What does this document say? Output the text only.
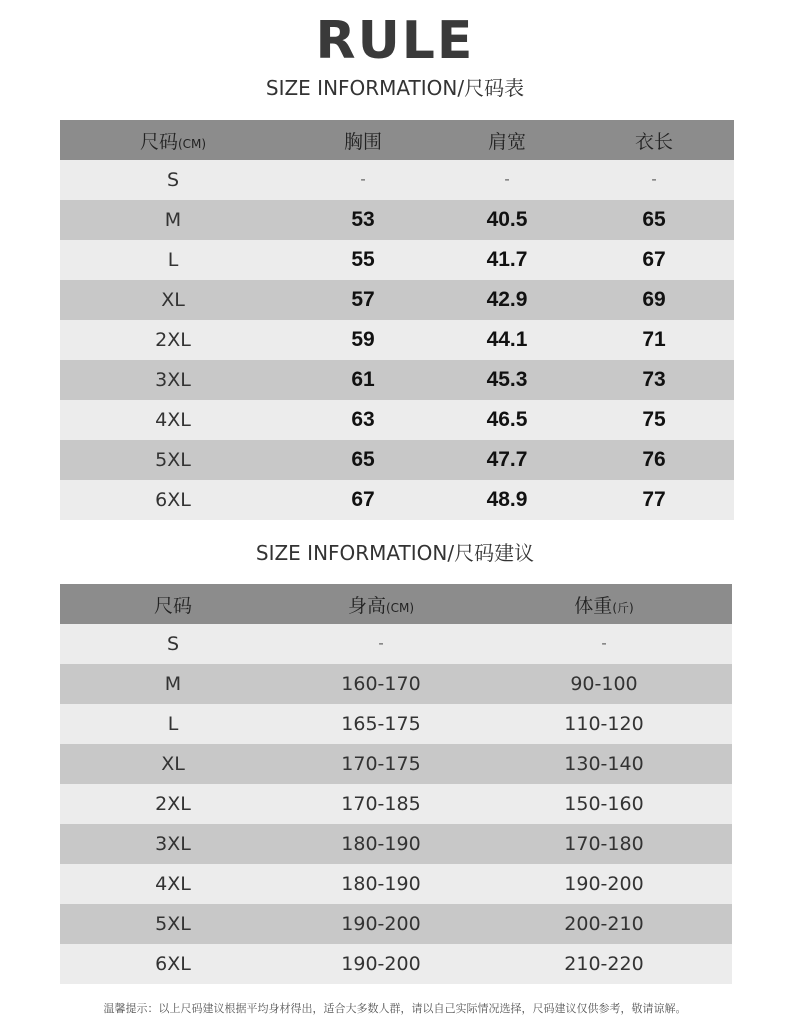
RULE
SIZE INFORMATION/尺码表
尺码(CM)	胸围	肩宽	衣长
S	-	-	-
M	53	40.5	65
L	55	41.7	67
XL	57	42.9	69
2XL	59	44.1	71
3XL	61	45.3	73
4XL	63	46.5	75
5XL	65	47.7	76
6XL	67	48.9	77
SIZE INFORMATION/尺码建议
尺码	身高(CM)	体重(斤)
S	-	-
M	160-170	90-100
L	165-175	110-120
XL	170-175	130-140
2XL	170-185	150-160
3XL	180-190	170-180
4XL	180-190	190-200
5XL	190-200	200-210
6XL	190-200	210-220
温馨提示：以上尺码建议根据平均身材得出，适合大多数人群，请以自己实际情况选择，尺码建议仅供参考，敬请谅解。
